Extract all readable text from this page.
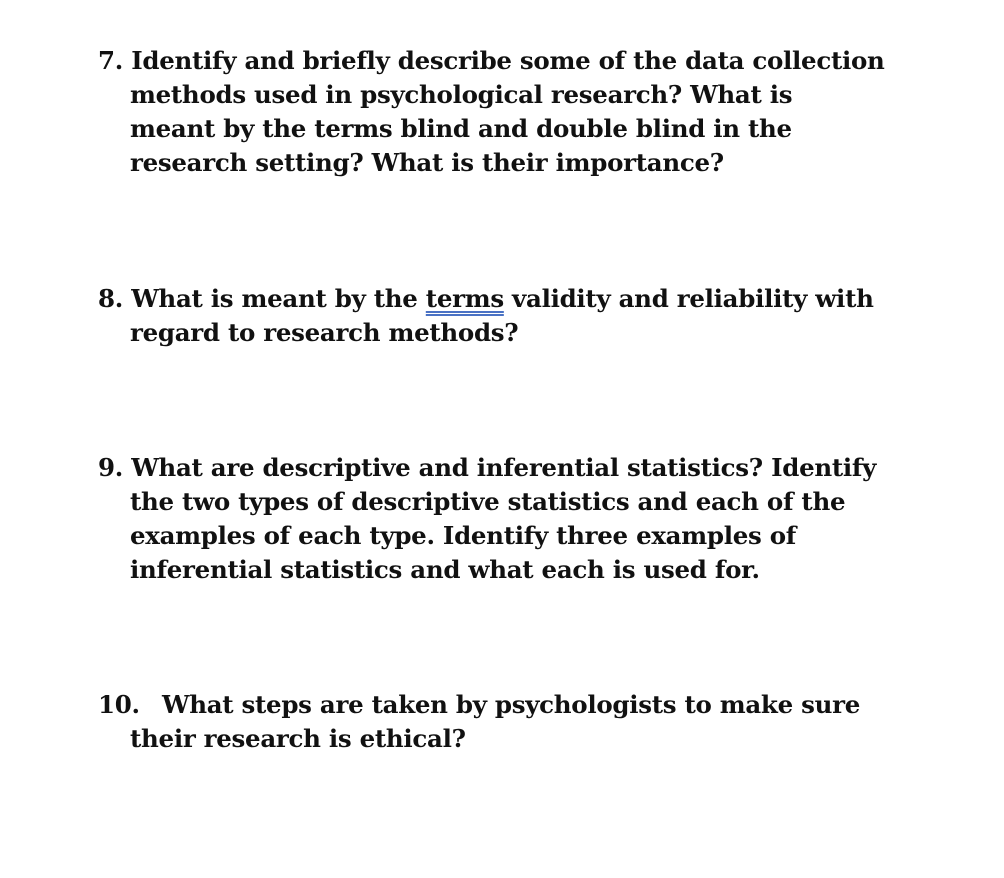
7. Identify and briefly describe some of the data collection
methods used in psychological research? What is
meant by the terms blind and double blind in the
research setting? What is their importance?
8. What is meant by the terms validity and reliability with
regard to research methods?
9. What are descriptive and inferential statistics? Identify
the two types of descriptive statistics and each of the
examples of each type. Identify three examples of
inferential statistics and what each is used for.
10. What steps are taken by psychologists to make sure
their research is ethical?
